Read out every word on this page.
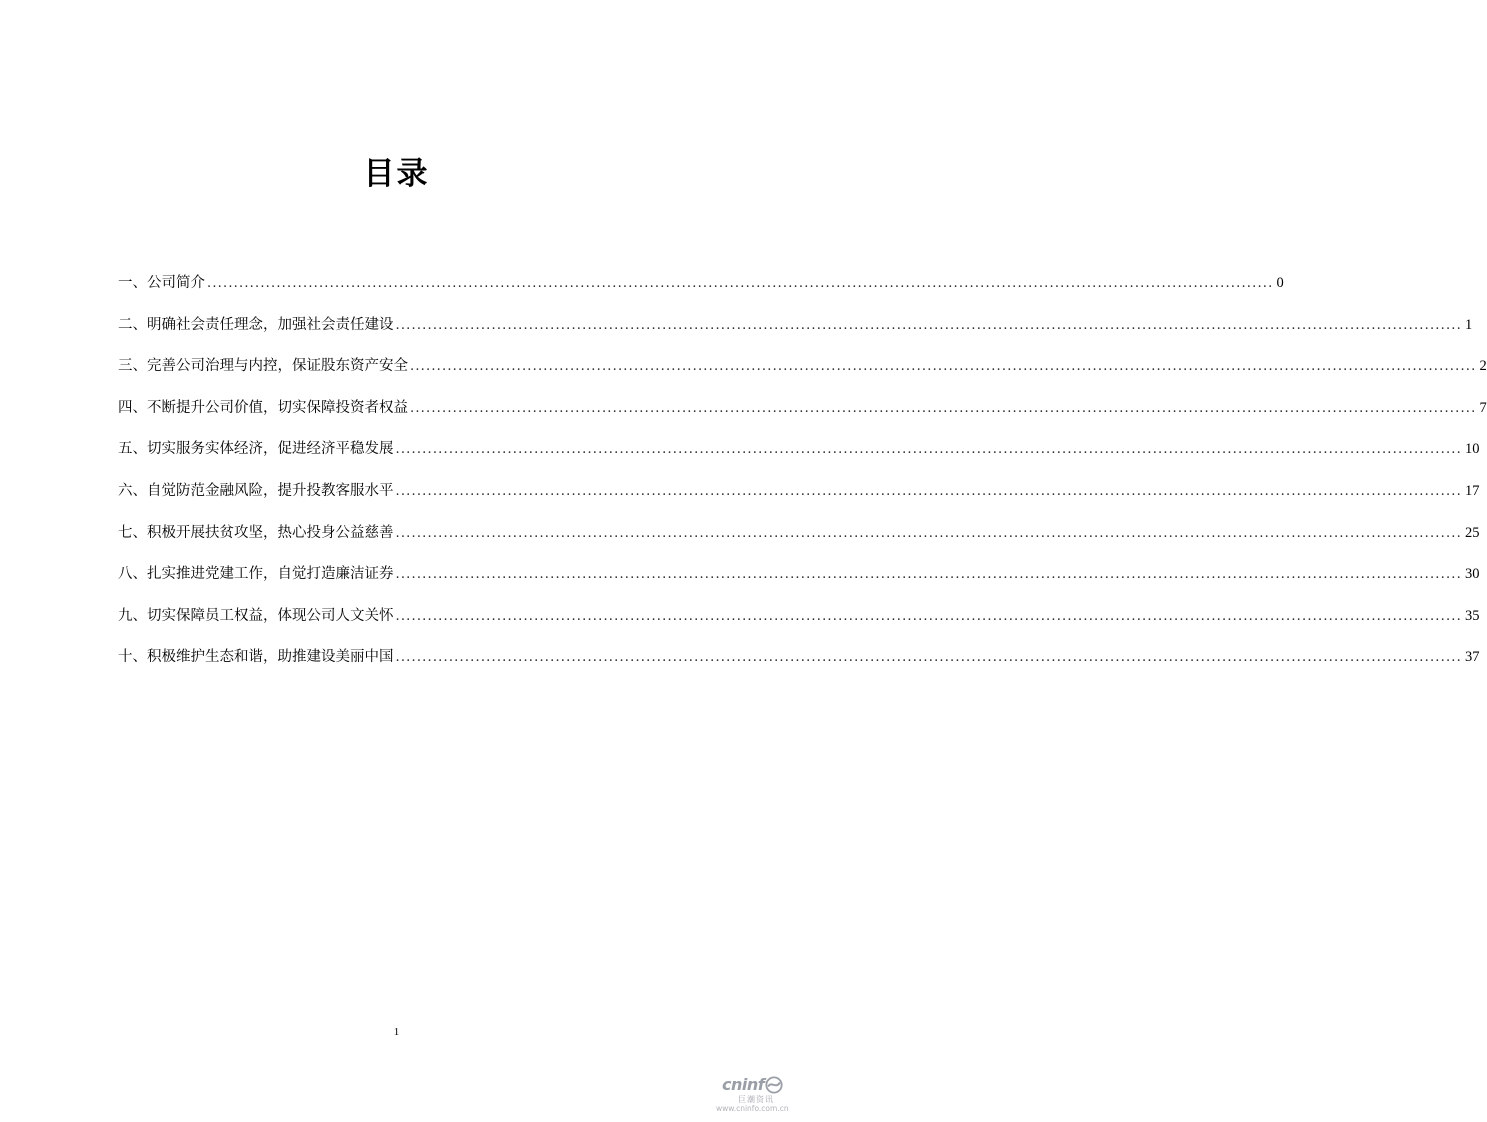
目录
一、公司简介 ........................................................................................................................................................................................................ 0
二、明确社会责任理念，加强社会责任建设 ........................................................................................................................................................................................................ 1
三、完善公司治理与内控，保证股东资产安全 ........................................................................................................................................................................................................ 2
四、不断提升公司价值，切实保障投资者权益 ........................................................................................................................................................................................................ 7
五、切实服务实体经济，促进经济平稳发展 ........................................................................................................................................................................................................ 10
六、自觉防范金融风险，提升投教客服水平 ........................................................................................................................................................................................................ 17
七、积极开展扶贫攻坚，热心投身公益慈善 ........................................................................................................................................................................................................ 25
八、扎实推进党建工作，自觉打造廉洁证券 ........................................................................................................................................................................................................ 30
九、切实保障员工权益，体现公司人文关怀 ........................................................................................................................................................................................................ 35
十、积极维护生态和谐，助推建设美丽中国 ........................................................................................................................................................................................................ 37
1
cninf
巨潮资讯
www.cninfo.com.cn
